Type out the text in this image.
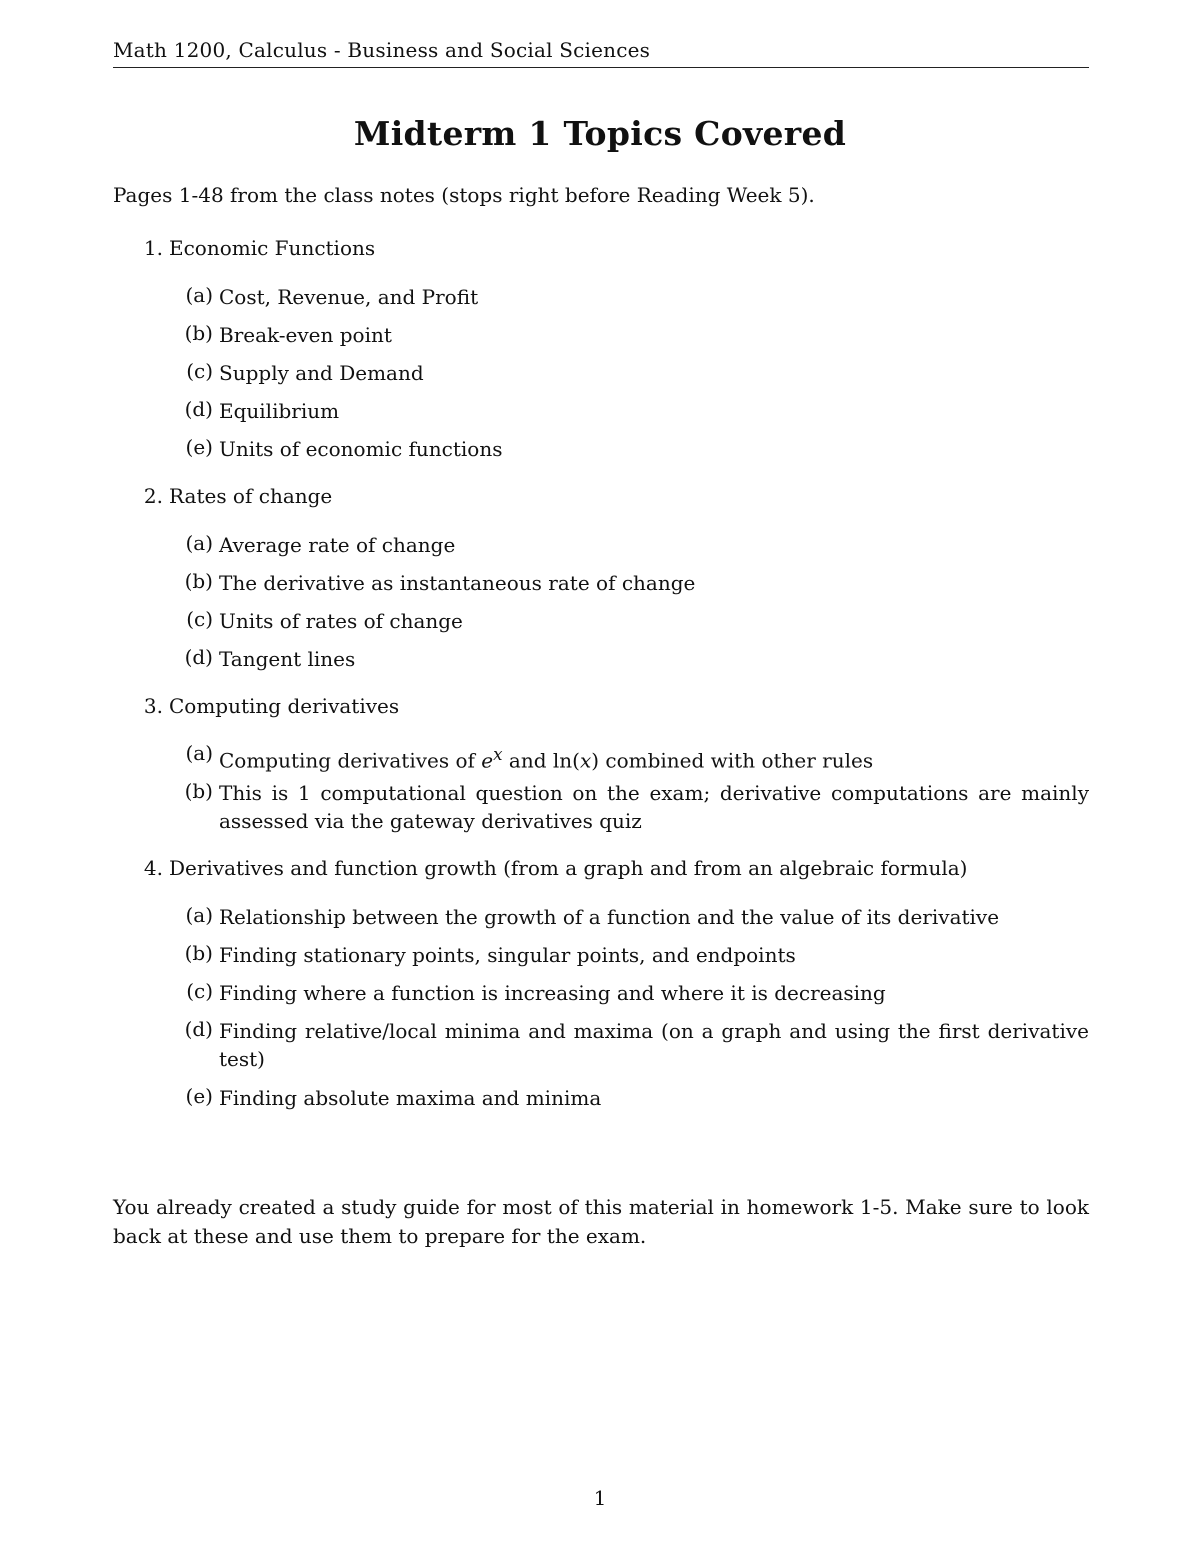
Math 1200, Calculus - Business and Social Sciences
Midterm 1 Topics Covered
Pages 1-48 from the class notes (stops right before Reading Week 5).
1. Economic Functions
(a) Cost, Revenue, and Profit
(b) Break-even point
(c) Supply and Demand
(d) Equilibrium
(e) Units of economic functions
2. Rates of change
(a) Average rate of change
(b) The derivative as instantaneous rate of change
(c) Units of rates of change
(d) Tangent lines
3. Computing derivatives
(a) Computing derivatives of $e^x$ and ln(x) combined with other rules
(b) This is 1 computational question on the exam; derivative computations are mainly assessed via the gateway derivatives quiz
4. Derivatives and function growth (from a graph and from an algebraic formula)
(a) Relationship between the growth of a function and the value of its derivative
(b) Finding stationary points, singular points, and endpoints
(c) Finding where a function is increasing and where it is decreasing
(d) Finding relative/local minima and maxima (on a graph and using the first derivative test)
(e) Finding absolute maxima and minima
You already created a study guide for most of this material in homework 1-5. Make sure to look back at these and use them to prepare for the exam.
1
